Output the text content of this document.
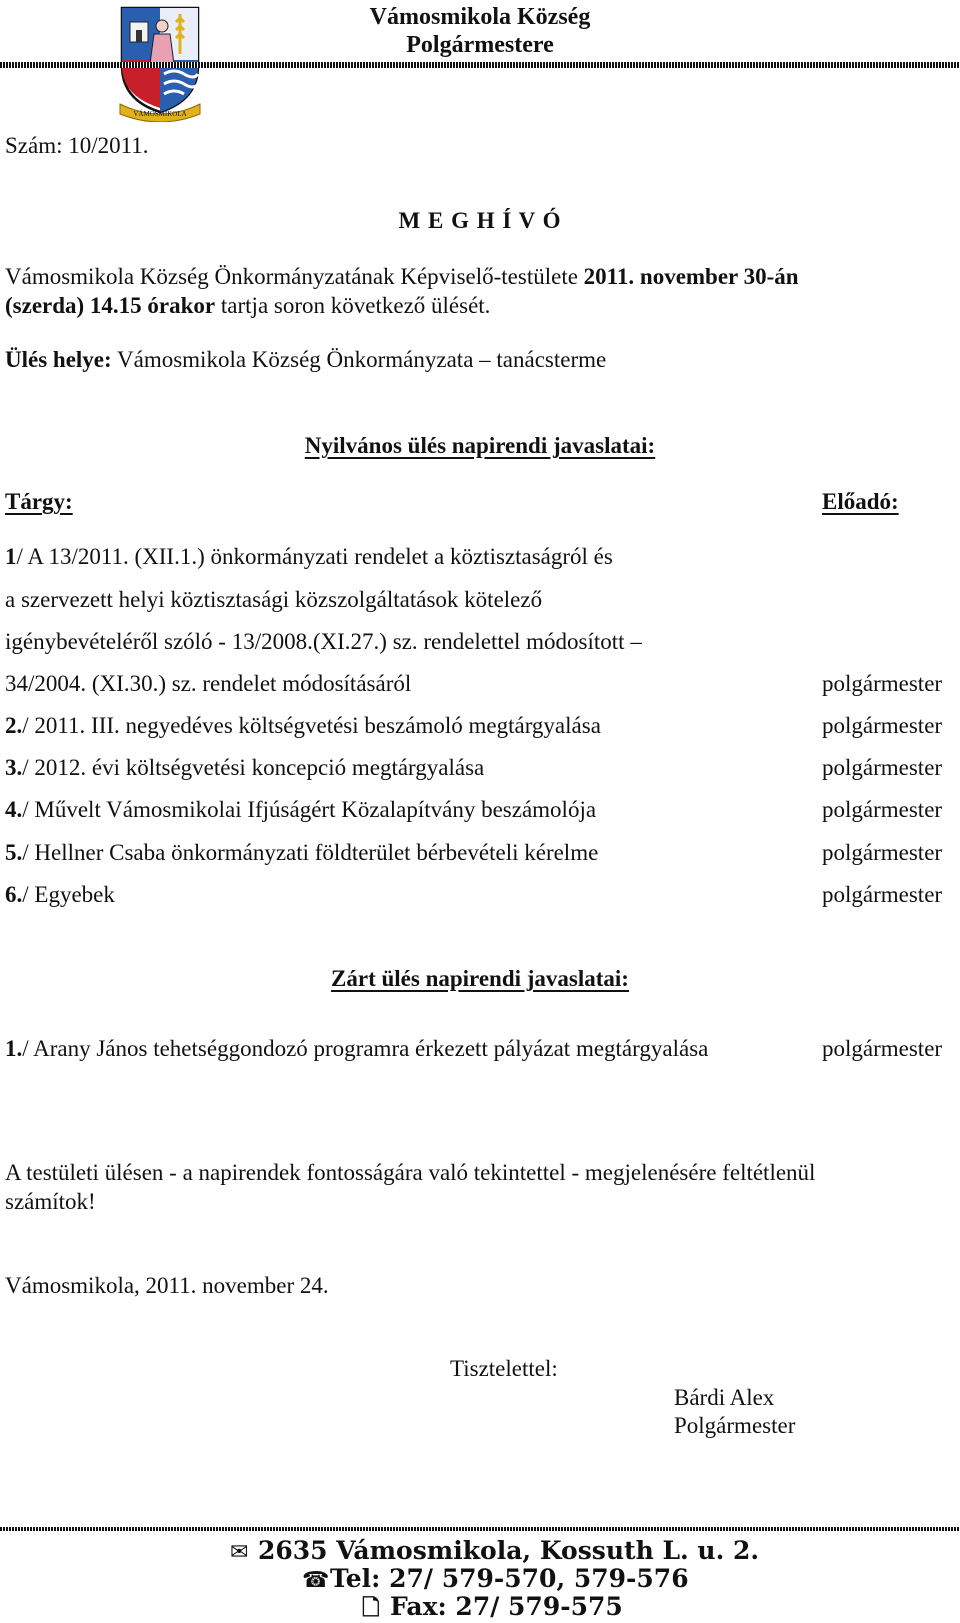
VÁMOSMIKOLA
Vámosmikola Község
Polgármestere
Szám: 10/2011.
M E G H Í V Ó
Vámosmikola Község Önkormányzatának Képviselő-testülete 2011. november 30-án
(szerda) 14.15 órakor tartja soron következő ülését.
Ülés helye: Vámosmikola Község Önkormányzata – tanácsterme
Nyilvános ülés napirendi javaslatai:
Tárgy:	Előadó:
1/ A 13/2011. (XII.1.) önkormányzati rendelet a köztisztaságról és
a szervezett helyi köztisztasági közszolgáltatások kötelező
igénybevételéről szóló - 13/2008.(XI.27.) sz. rendelettel módosított –
34/2004. (XI.30.) sz. rendelet módosításáról	polgármester
2./ 2011. III. negyedéves költségvetési beszámoló megtárgyalása	polgármester
3./ 2012. évi költségvetési koncepció megtárgyalása	polgármester
4./ Művelt Vámosmikolai Ifjúságért Közalapítvány beszámolója	polgármester
5./ Hellner Csaba önkormányzati földterület bérbevételi kérelme	polgármester
6./ Egyebek	polgármester
Zárt ülés napirendi javaslatai:
1./ Arany János tehetséggondozó programra érkezett pályázat megtárgyalása	polgármester
A testületi ülésen - a napirendek fontosságára való tekintettel - megjelenésére feltétlenül
számítok!
Vámosmikola, 2011. november 24.
Tisztelettel:
Bárdi Alex
Polgármester
✉ 2635 Vámosmikola, Kossuth L. u. 2.
☎Tel: 27/ 579-570, 579-576
🗋 Fax: 27/ 579-575
